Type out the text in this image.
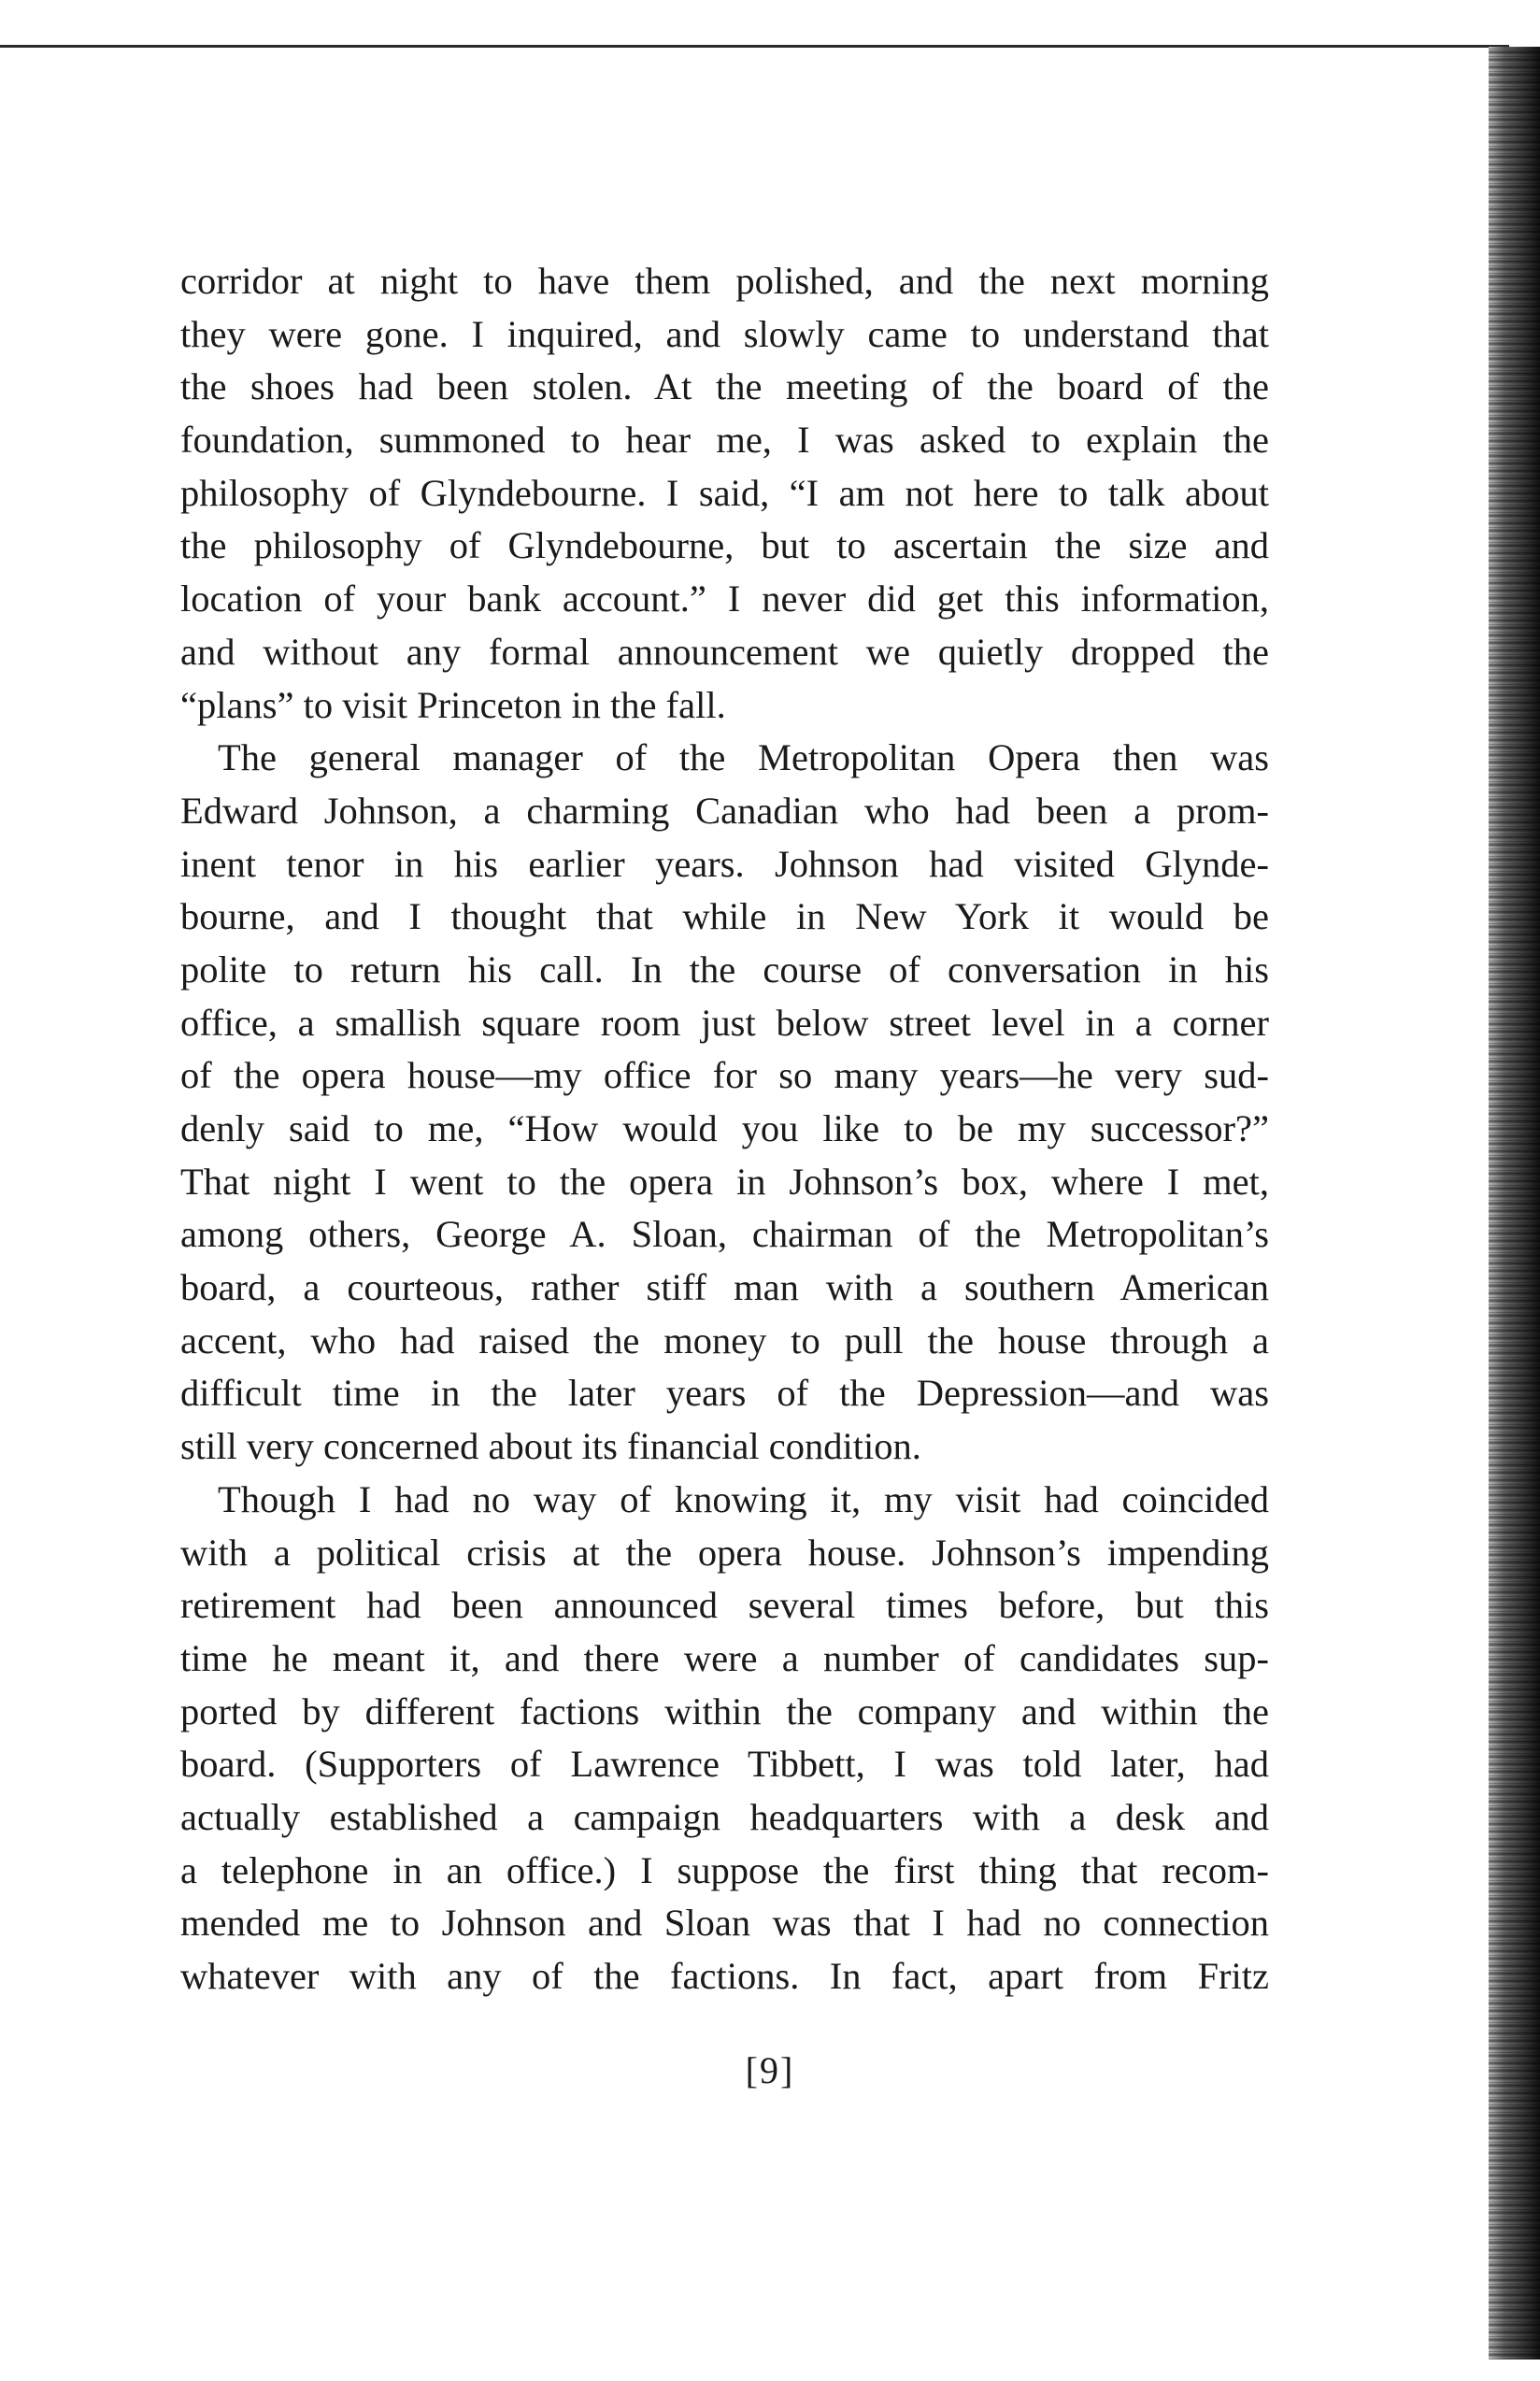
corridor at night to have them polished, and the next morning
they were gone. I inquired, and slowly came to understand that
the shoes had been stolen. At the meeting of the board of the
foundation, summoned to hear me, I was asked to explain the
philosophy of Glyndebourne. I said, “I am not here to talk about
the philosophy of Glyndebourne, but to ascertain the size and
location of your bank account.” I never did get this information,
and without any formal announcement we quietly dropped the
“plans” to visit Princeton in the fall.
The general manager of the Metropolitan Opera then was
Edward Johnson, a charming Canadian who had been a prom-
inent tenor in his earlier years. Johnson had visited Glynde-
bourne, and I thought that while in New York it would be
polite to return his call. In the course of conversation in his
office, a smallish square room just below street level in a corner
of the opera house—my office for so many years—he very sud-
denly said to me, “How would you like to be my successor?”
That night I went to the opera in Johnson’s box, where I met,
among others, George A. Sloan, chairman of the Metropolitan’s
board, a courteous, rather stiff man with a southern American
accent, who had raised the money to pull the house through a
difficult time in the later years of the Depression—and was
still very concerned about its financial condition.
Though I had no way of knowing it, my visit had coincided
with a political crisis at the opera house. Johnson’s impending
retirement had been announced several times before, but this
time he meant it, and there were a number of candidates sup-
ported by different factions within the company and within the
board. (Supporters of Lawrence Tibbett, I was told later, had
actually established a campaign headquarters with a desk and
a telephone in an office.) I suppose the first thing that recom-
mended me to Johnson and Sloan was that I had no connection
whatever with any of the factions. In fact, apart from Fritz
[9]
